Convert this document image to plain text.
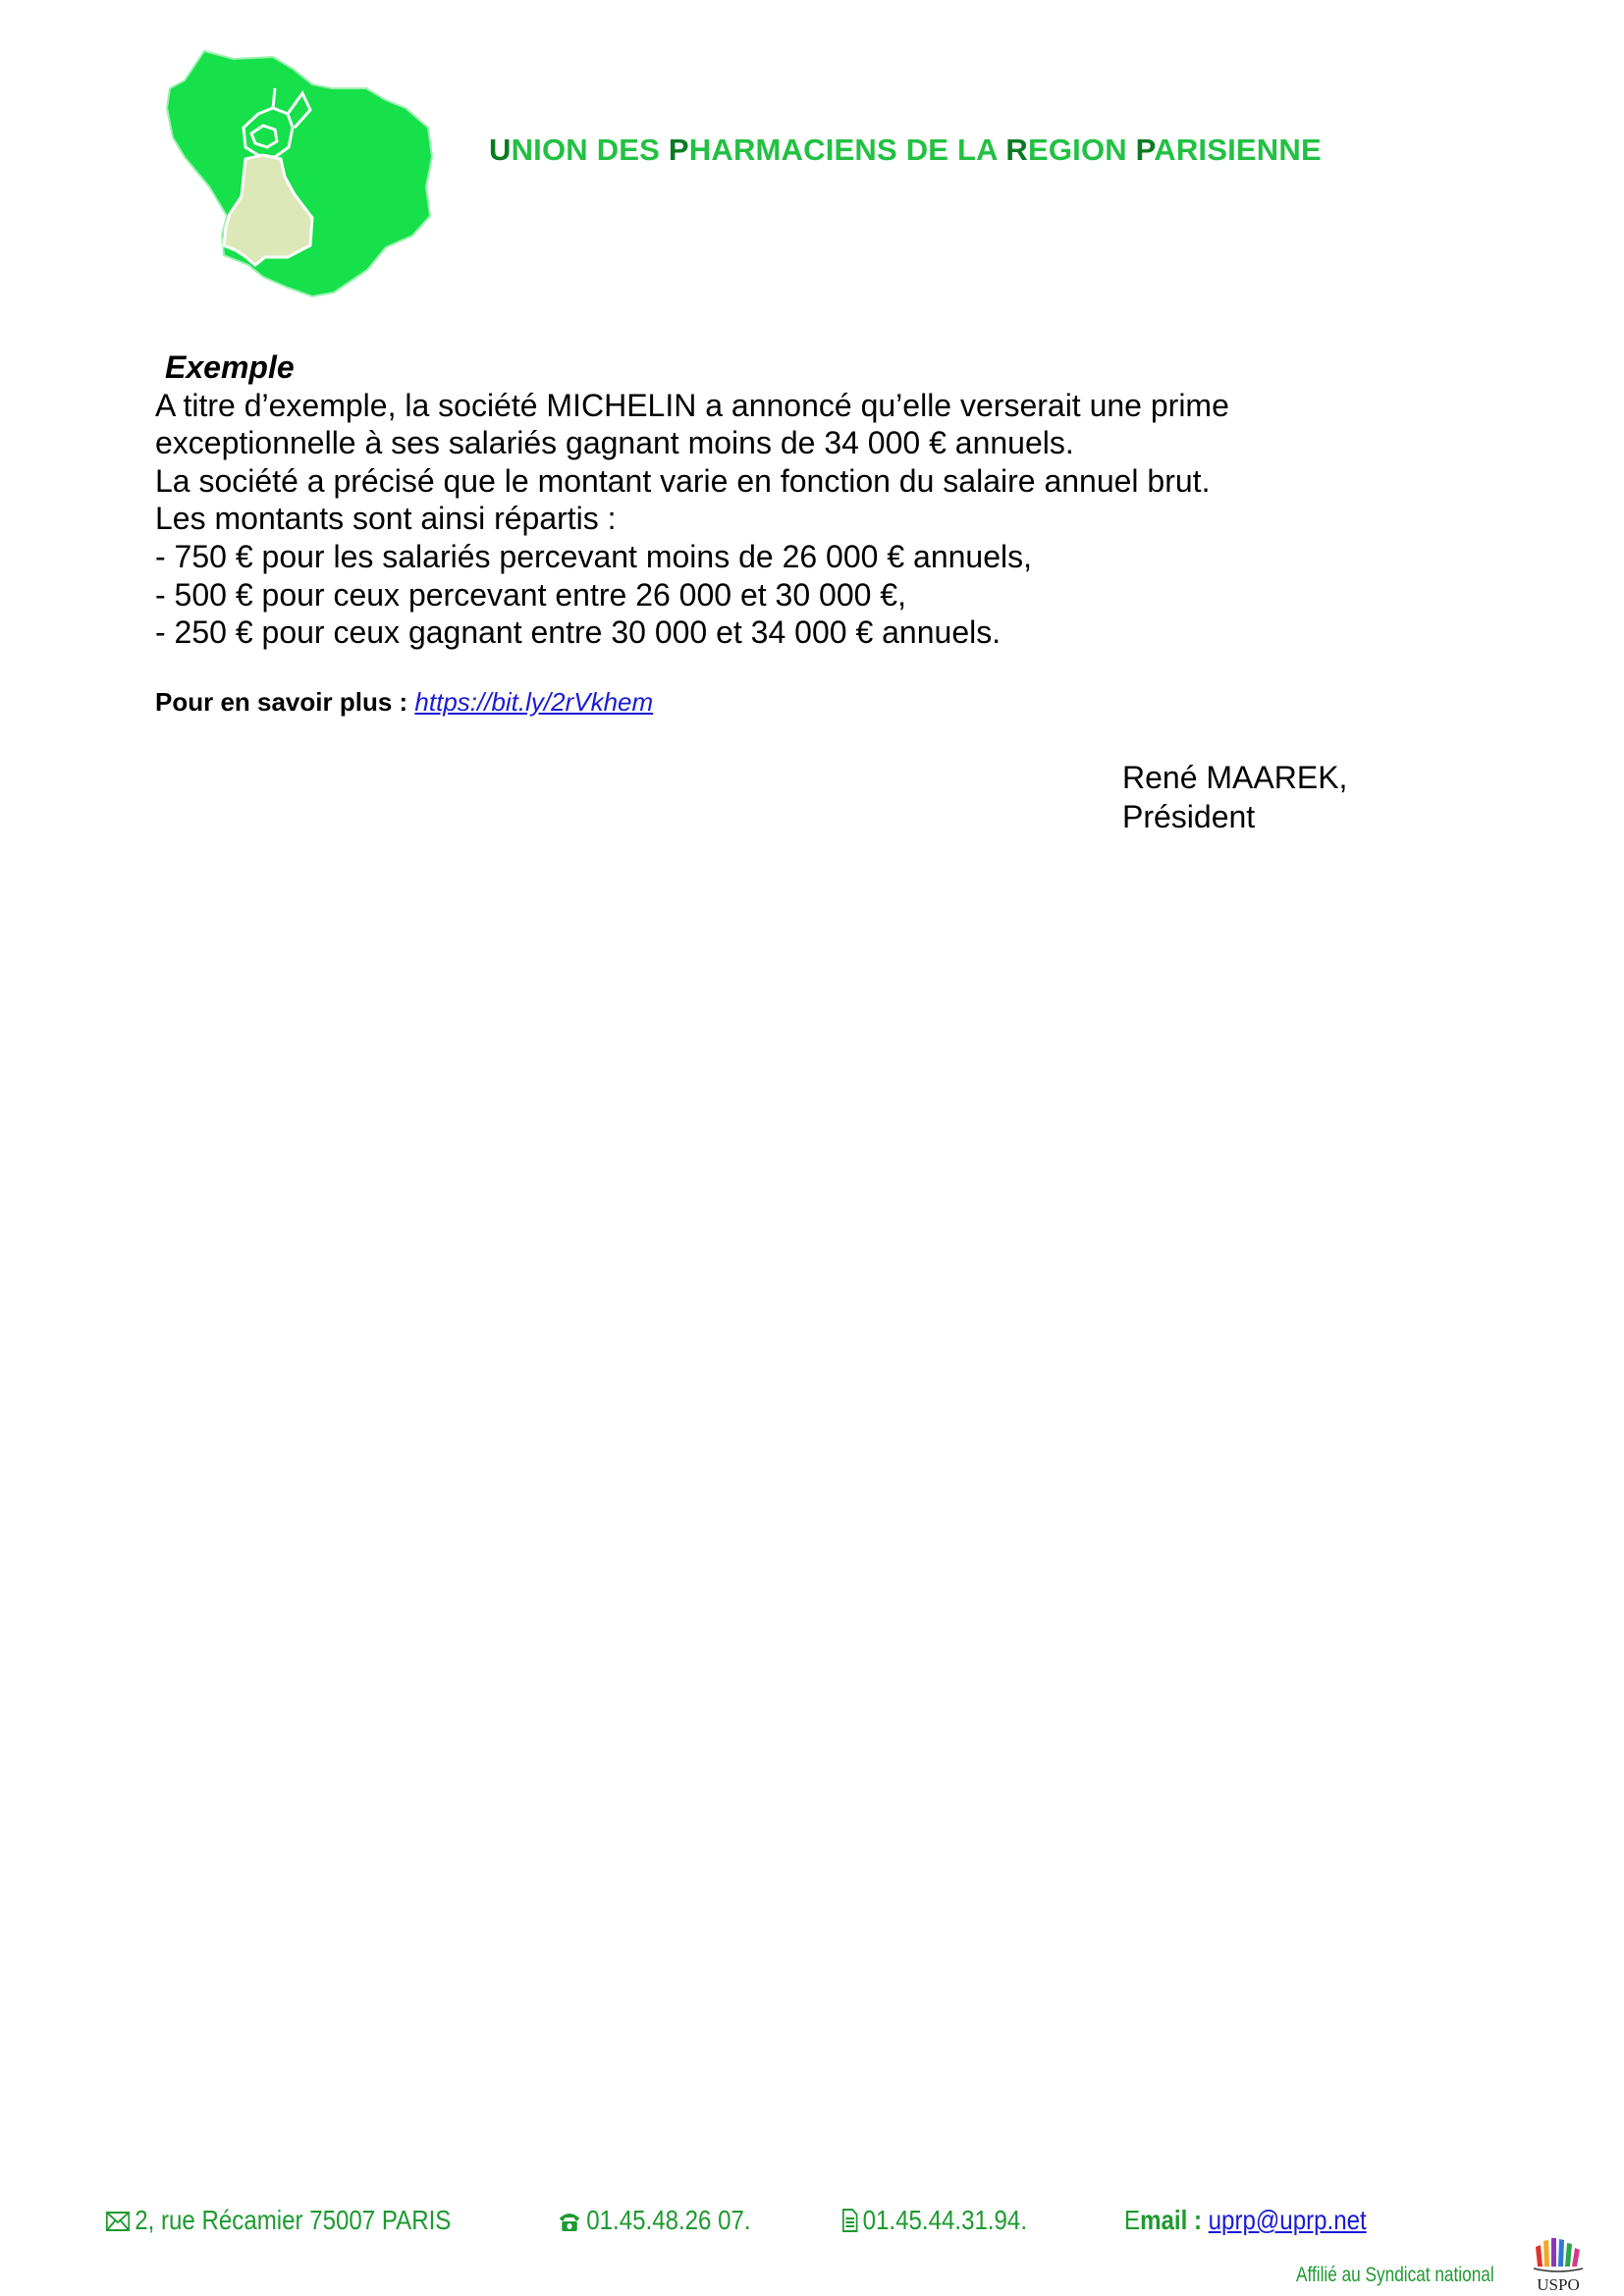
UNION DES PHARMACIENS DE LA REGION PARISIENNE
Exemple
A titre d’exemple, la société MICHELIN a annoncé qu’elle verserait une prime
exceptionnelle à ses salariés gagnant moins de 34 000 € annuels.
La société a précisé que le montant varie en fonction du salaire annuel brut.
Les montants sont ainsi répartis :
- 750 € pour les salariés percevant moins de 26 000 € annuels,
- 500 € pour ceux percevant entre 26 000 et 30 000 €,
- 250 € pour ceux gagnant entre 30 000 et 34 000 € annuels.
Pour en savoir plus : https://bit.ly/2rVkhem
René MAAREK,
Président
2, rue Récamier 75007 PARIS	01.45.48.26 07.	01.45.44.31.94.	Email : uprp@uprp.net
Affilié au Syndicat national	USPO
